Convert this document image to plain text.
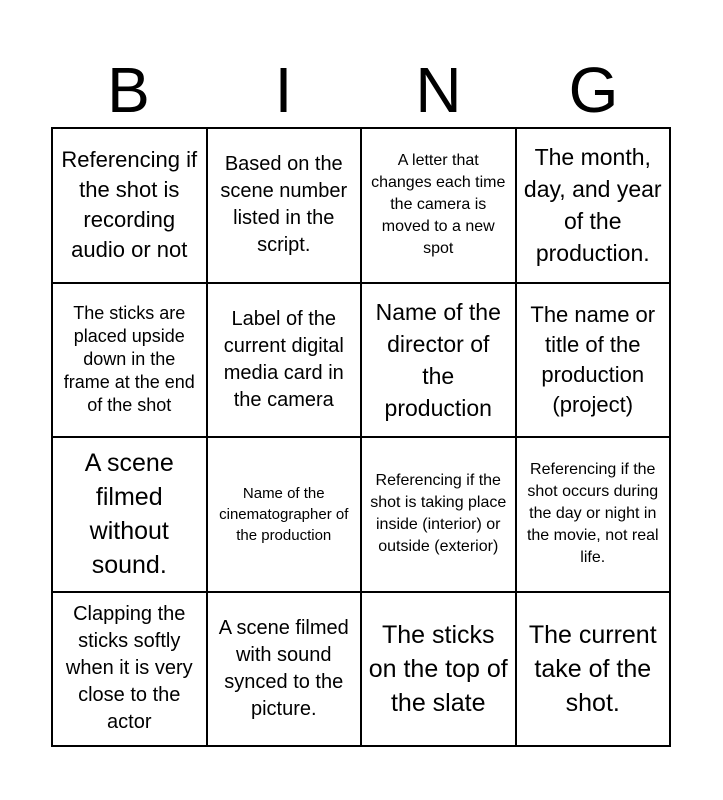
B	I	N	G
Referencing if the shot is recording audio or not
Based on the scene number listed in the script.
A letter that changes each time the camera is moved to a new spot
The month, day, and year of the production.
The sticks are placed upside down in the frame at the end of the shot
Label of the current digital media card in the camera
Name of the director of the production
The name or title of the production (project)
A scene filmed without sound.
Name of the cinematographer of the production
Referencing if the shot is taking place inside (interior) or outside (exterior)
Referencing if the shot occurs during the day or night in the movie, not real life.
Clapping the sticks softly when it is very close to the actor
A scene filmed with sound synced to the picture.
The sticks on the top of the slate
The current take of the shot.
